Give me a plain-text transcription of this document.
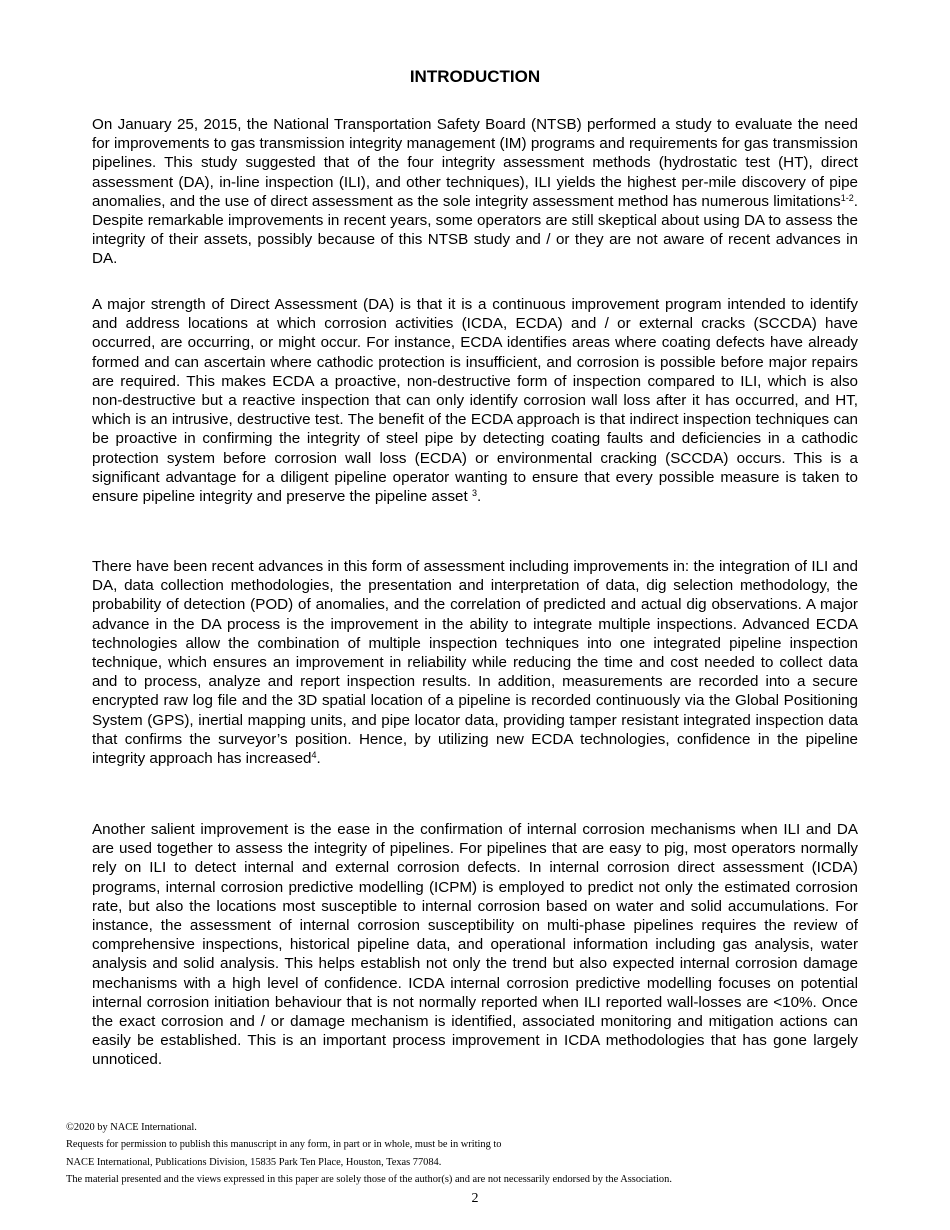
INTRODUCTION

On January 25, 2015, the National Transportation Safety Board (NTSB) performed a study to evaluate the need for improvements to gas transmission integrity management (IM) programs and requirements for gas transmission pipelines. This study suggested that of the four integrity assessment methods (hydrostatic test (HT), direct assessment (DA), in-line inspection (ILI), and other techniques), ILI yields the highest per-mile discovery of pipe anomalies, and the use of direct assessment as the sole integrity assessment method has numerous limitations$^{1-2}$. Despite remarkable improvements in recent years, some operators are still skeptical about using DA to assess the integrity of their assets, possibly because of this NTSB study and / or they are not aware of recent advances in DA.

A major strength of Direct Assessment (DA) is that it is a continuous improvement program intended to identify and address locations at which corrosion activities (ICDA, ECDA) and / or external cracks (SCCDA) have occurred, are occurring, or might occur. For instance, ECDA identifies areas where coating defects have already formed and can ascertain where cathodic protection is insufficient, and corrosion is possible before major repairs are required. This makes ECDA a proactive, non-destructive form of inspection compared to ILI, which is also non-destructive but a reactive inspection that can only identify corrosion wall loss after it has occurred, and HT, which is an intrusive, destructive test. The benefit of the ECDA approach is that indirect inspection techniques can be proactive in confirming the integrity of steel pipe by detecting coating faults and deficiencies in a cathodic protection system before corrosion wall loss (ECDA) or environmental cracking (SCCDA) occurs. This is a significant advantage for a diligent pipeline operator wanting to ensure that every possible measure is taken to ensure pipeline integrity and preserve the pipeline asset $^3$.

There have been recent advances in this form of assessment including improvements in: the integration of ILI and DA, data collection methodologies, the presentation and interpretation of data, dig selection methodology, the probability of detection (POD) of anomalies, and the correlation of predicted and actual dig observations. A major advance in the DA process is the improvement in the ability to integrate multiple inspections. Advanced ECDA technologies allow the combination of multiple inspection techniques into one integrated pipeline inspection technique, which ensures an improvement in reliability while reducing the time and cost needed to collect data and to process, analyze and report inspection results. In addition, measurements are recorded into a secure encrypted raw log file and the 3D spatial location of a pipeline is recorded continuously via the Global Positioning System (GPS), inertial mapping units, and pipe locator data, providing tamper resistant integrated inspection data that confirms the surveyor’s position. Hence, by utilizing new ECDA technologies, confidence in the pipeline integrity approach has increased$^4$.

Another salient improvement is the ease in the confirmation of internal corrosion mechanisms when ILI and DA are used together to assess the integrity of pipelines. For pipelines that are easy to pig, most operators normally rely on ILI to detect internal and external corrosion defects. In internal corrosion direct assessment (ICDA) programs, internal corrosion predictive modelling (ICPM) is employed to predict not only the estimated corrosion rate, but also the locations most susceptible to internal corrosion based on water and solid accumulations. For instance, the assessment of internal corrosion susceptibility on multi-phase pipelines requires the review of comprehensive inspections, historical pipeline data, and operational information including gas analysis, water analysis and solid analysis. This helps establish not only the trend but also expected internal corrosion damage mechanisms with a high level of confidence. ICDA internal corrosion predictive modelling focuses on potential internal corrosion initiation behaviour that is not normally reported when ILI reported wall-losses are <10%. Once the exact corrosion and / or damage mechanism is identified, associated monitoring and mitigation actions can easily be established. This is an important process improvement in ICDA methodologies that has gone largely unnoticed.

©2020 by NACE International.
Requests for permission to publish this manuscript in any form, in part or in whole, must be in writing to
NACE International, Publications Division, 15835 Park Ten Place, Houston, Texas 77084.
The material presented and the views expressed in this paper are solely those of the author(s) and are not necessarily endorsed by the Association.
2
